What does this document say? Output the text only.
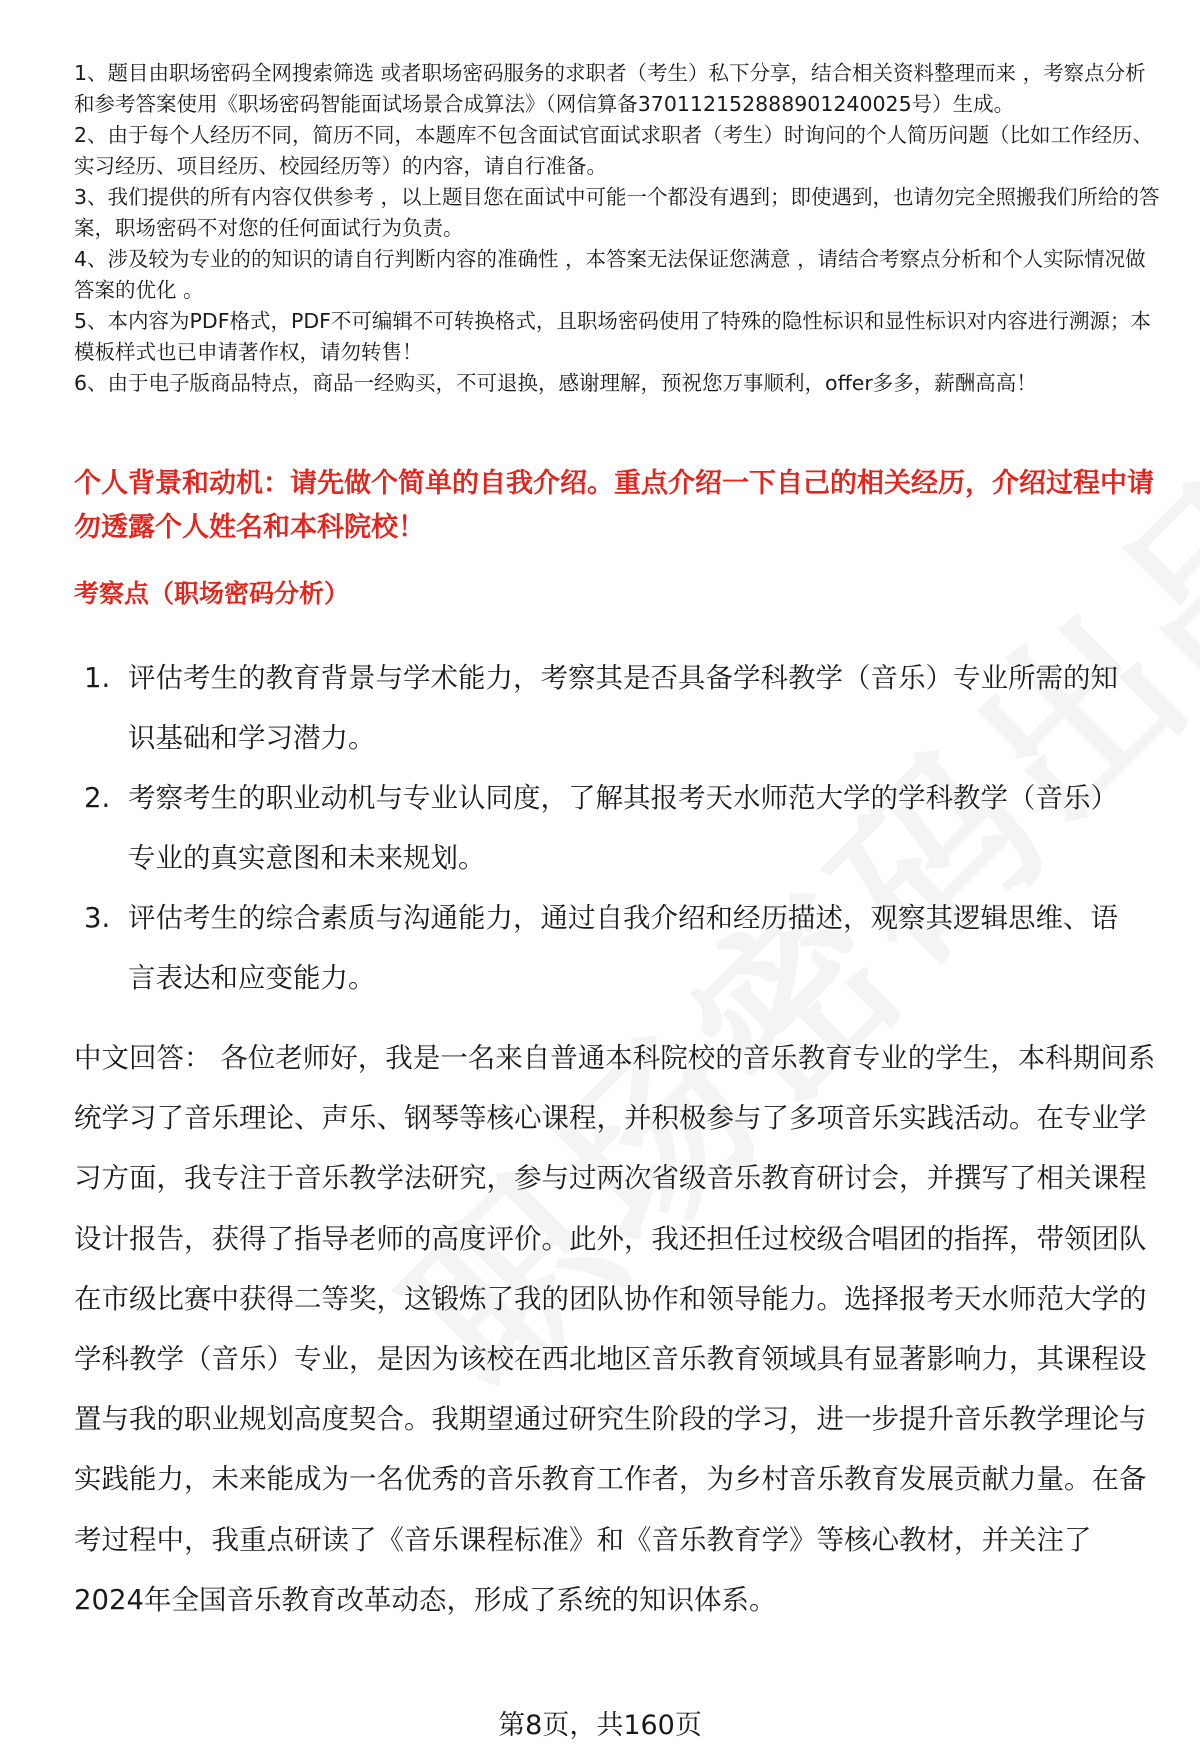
1、题目由职场密码全网搜索筛选 或者职场密码服务的求职者（考生）私下分享，结合相关资料整理而来 ，考察点分析和参考答案使用《职场密码智能面试场景合成算法》（网信算备370112152888901240025号）生成。

2、由于每个人经历不同，简历不同，本题库不包含面试官面试求职者（考生）时询问的个人简历问题（比如工作经历、实习经历、项目经历、校园经历等）的内容，请自行准备。

3、我们提供的所有内容仅供参考 ，以上题目您在面试中可能一个都没有遇到；即使遇到，也请勿完全照搬我们所给的答案，职场密码不对您的任何面试行为负责。

4、涉及较为专业的的知识的请自行判断内容的准确性 ，本答案无法保证您满意 ，请结合考察点分析和个人实际情况做答案的优化 。

5、本内容为PDF格式，PDF不可编辑不可转换格式，且职场密码使用了特殊的隐性标识和显性标识对内容进行溯源；本模板样式也已申请著作权，请勿转售！

6、由于电子版商品特点，商品一经购买，不可退换，感谢理解，预祝您万事顺利，offer多多，薪酬高高！

个人背景和动机：请先做个简单的自我介绍。重点介绍一下自己的相关经历，介绍过程中请勿透露个人姓名和本科院校！

考察点（职场密码分析）

1. 评估考生的教育背景与学术能力，考察其是否具备学科教学（音乐）专业所需的知识基础和学习潜力。
2. 考察考生的职业动机与专业认同度，了解其报考天水师范大学的学科教学（音乐）专业的真实意图和未来规划。
3. 评估考生的综合素质与沟通能力，通过自我介绍和经历描述，观察其逻辑思维、语言表达和应变能力。

中文回答： 各位老师好，我是一名来自普通本科院校的音乐教育专业的学生，本科期间系统学习了音乐理论、声乐、钢琴等核心课程，并积极参与了多项音乐实践活动。在专业学习方面，我专注于音乐教学法研究，参与过两次省级音乐教育研讨会，并撰写了相关课程设计报告，获得了指导老师的高度评价。此外，我还担任过校级合唱团的指挥，带领团队在市级比赛中获得二等奖，这锻炼了我的团队协作和领导能力。选择报考天水师范大学的学科教学（音乐）专业，是因为该校在西北地区音乐教育领域具有显著影响力，其课程设置与我的职业规划高度契合。我期望通过研究生阶段的学习，进一步提升音乐教学理论与实践能力，未来能成为一名优秀的音乐教育工作者，为乡村音乐教育发展贡献力量。在备考过程中，我重点研读了《音乐课程标准》和《音乐教育学》等核心教材，并关注了2024年全国音乐教育改革动态，形成了系统的知识体系。

第8页，共160页
